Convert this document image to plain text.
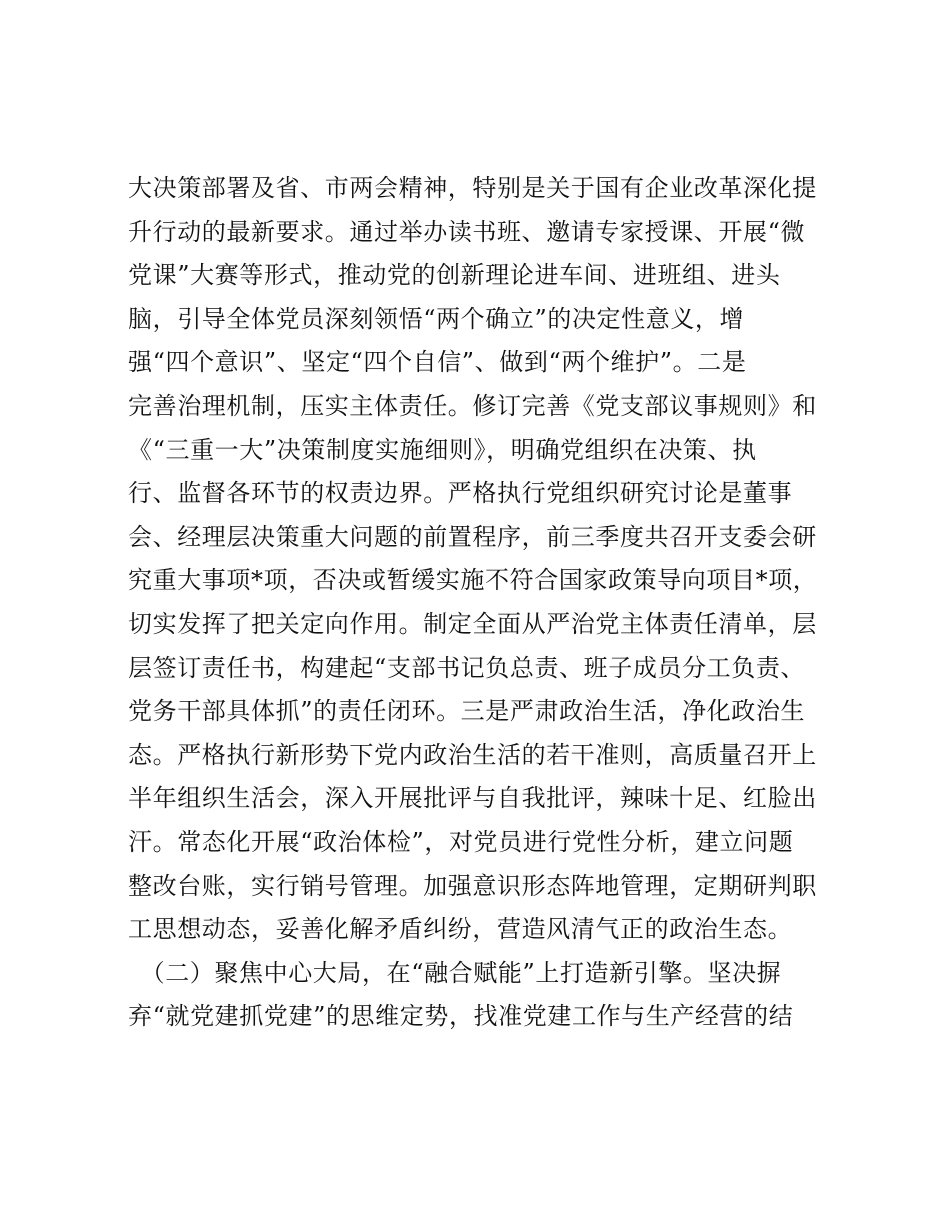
大决策部署及省、市两会精神，特别是关于国有企业改革深化提
升行动的最新要求。通过举办读书班、邀请专家授课、开展“微
党课”大赛等形式，推动党的创新理论进车间、进班组、进头
脑，引导全体党员深刻领悟“两个确立”的决定性意义，增
强“四个意识”、坚定“四个自信”、做到“两个维护”。二是
完善治理机制，压实主体责任。修订完善《党支部议事规则》和
《“三重一大”决策制度实施细则》，明确党组织在决策、执
行、监督各环节的权责边界。严格执行党组织研究讨论是董事
会、经理层决策重大问题的前置程序，前三季度共召开支委会研
究重大事项*项，否决或暂缓实施不符合国家政策导向项目*项，
切实发挥了把关定向作用。制定全面从严治党主体责任清单，层
层签订责任书，构建起“支部书记负总责、班子成员分工负责、
党务干部具体抓”的责任闭环。三是严肃政治生活，净化政治生
态。严格执行新形势下党内政治生活的若干准则，高质量召开上
半年组织生活会，深入开展批评与自我批评，辣味十足、红脸出
汗。常态化开展“政治体检”，对党员进行党性分析，建立问题
整改台账，实行销号管理。加强意识形态阵地管理，定期研判职
工思想动态，妥善化解矛盾纠纷，营造风清气正的政治生态。
　（二）聚焦中心大局，在“融合赋能”上打造新引擎。坚决摒
弃“就党建抓党建”的思维定势，找准党建工作与生产经营的结
